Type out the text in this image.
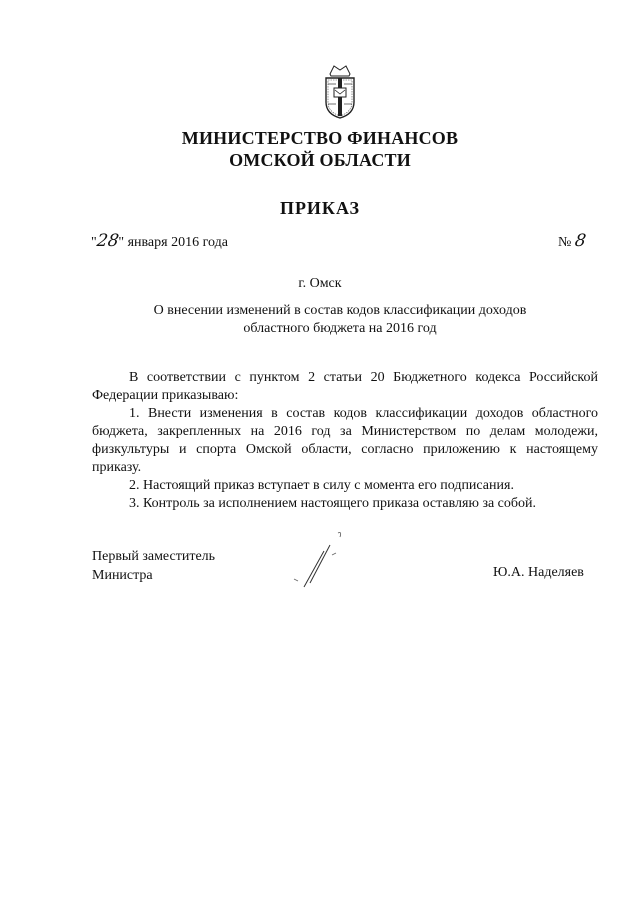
МИНИСТЕРСТВО ФИНАНСОВ
ОМСКОЙ ОБЛАСТИ
ПРИКАЗ
"28" января 2016 года	№ 8
г. Омск
О внесении изменений в состав кодов классификации доходов
областного бюджета на 2016 год

В соответствии с пунктом 2 статьи 20 Бюджетного кодекса Российской Федерации приказываю:

1. Внести изменения в состав кодов классификации доходов областного бюджета, закрепленных на 2016 год за Министерством по делам молодежи, физкультуры и спорта Омской области, согласно приложению к настоящему приказу.

2. Настоящий приказ вступает в силу с момента его подписания.

3. Контроль за исполнением настоящего приказа оставляю за собой.

Первый заместитель
Министра	Ю.А. Наделяев
